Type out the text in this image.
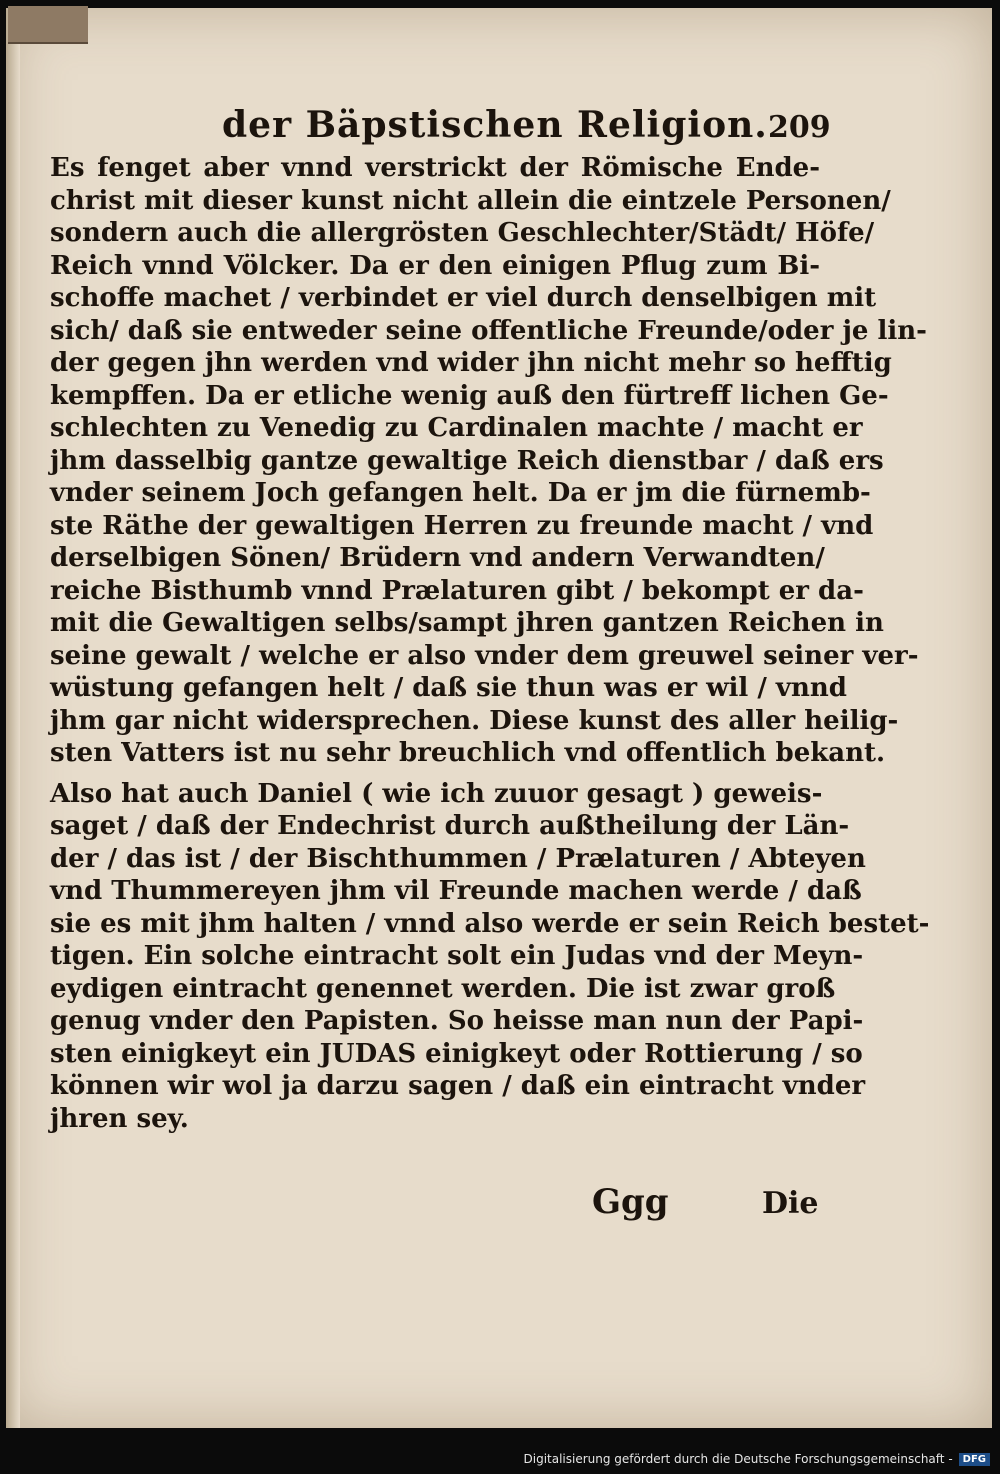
der Bäpstischen Religion. 209
Es fenget aber vnnd verstrickt der Römische Ende-
christ mit dieser kunst nicht allein die eintzele Personen/
sondern auch die allergrösten Geschlechter/Städt/ Höfe/
Reich vnnd Völcker. Da er den einigen Pflug zum Bi-
schoffe machet / verbindet er viel durch denselbigen mit
sich/ daß sie entweder seine offentliche Freunde/oder je lin-
der gegen jhn werden vnd wider jhn nicht mehr so hefftig
kempffen. Da er etliche wenig auß den fürtreff lichen Ge-
schlechten zu Venedig zu Cardinalen machte / macht er
jhm dasselbig gantze gewaltige Reich dienstbar / daß ers
vnder seinem Joch gefangen helt. Da er jm die fürnemb-
ste Räthe der gewaltigen Herren zu freunde macht / vnd
derselbigen Sönen/ Brüdern vnd andern Verwandten/
reiche Bisthumb vnnd Prælaturen gibt / bekompt er da-
mit die Gewaltigen selbs/sampt jhren gantzen Reichen in
seine gewalt / welche er also vnder dem greuwel seiner ver-
wüstung gefangen helt / daß sie thun was er wil / vnnd
jhm gar nicht widersprechen. Diese kunst des aller heilig-
sten Vatters ist nu sehr breuchlich vnd offentlich bekant.
Also hat auch Daniel ( wie ich zuuor gesagt ) geweis-
saget / daß der Endechrist durch außtheilung der Län-
der / das ist / der Bischthummen / Prælaturen / Abteyen
vnd Thummereyen jhm vil Freunde machen werde / daß
sie es mit jhm halten / vnnd also werde er sein Reich bestet-
tigen. Ein solche eintracht solt ein Judas vnd der Meyn-
eydigen eintracht genennet werden. Die ist zwar groß
genug vnder den Papisten. So heisse man nun der Papi-
sten einigkeyt ein JUDAS einigkeyt oder Rottierung / so
können wir wol ja darzu sagen / daß ein eintracht vnder
jhren sey.
Ggg	Die
Digitalisierung gefördert durch die Deutsche Forschungsgemeinschaft -	DFG
